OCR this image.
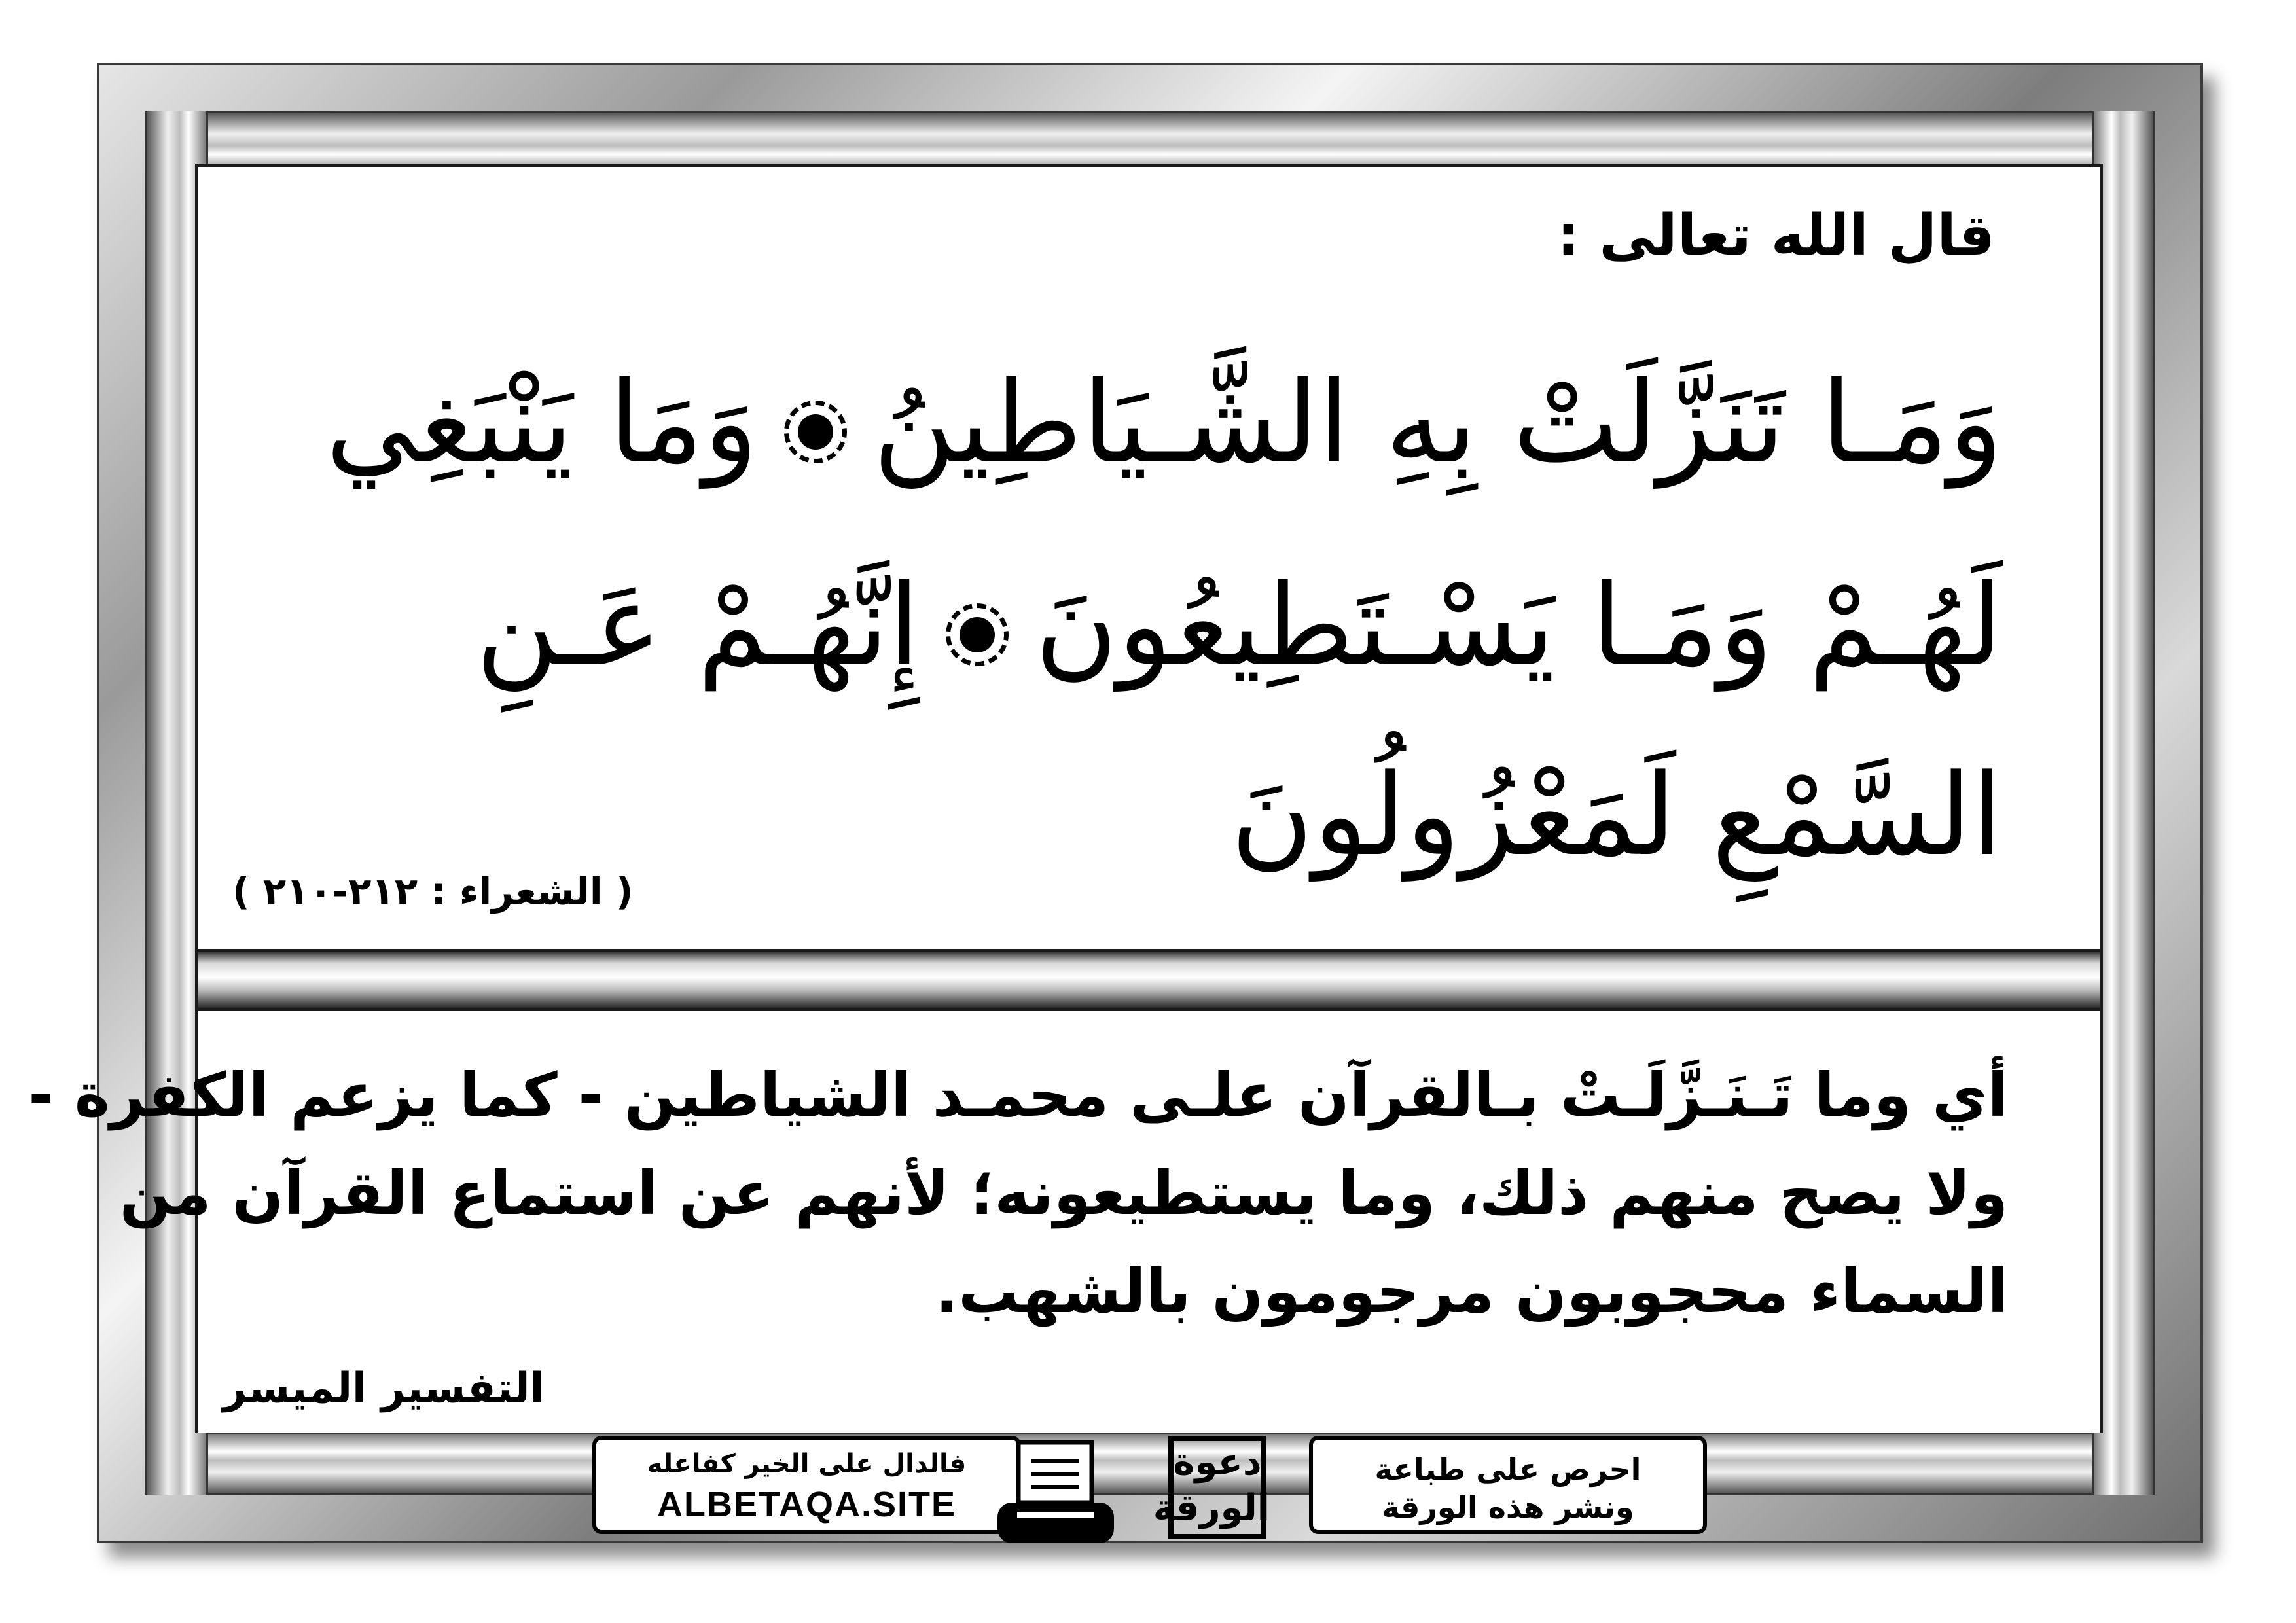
قال الله تعالى :
وَمَـا تَنَزَّلَتْ بِهِ الشَّـيَاطِينُوَمَا يَنْبَغِي
لَهُـمْ وَمَـا يَسْـتَطِيعُونَإِنَّهُـمْ عَـنِ
السَّمْعِ لَمَعْزُولُونَ
( الشعراء : ٢١٢-٢١٠ )
أي وما تَـنَـزَّلَـتْ بـالقرآن علـى محمـد الشياطين - كما يزعم الكفرة -
ولا يصح منهم ذلك، وما يستطيعونه؛ لأنهم عن استماع القرآن من
السماء محجوبون مرجومون بالشهب.
التفسير الميسر
فالدال على الخير كفاعله
ALBETAQA.SITE
دعوة الورقة
احرص على طباعة
ونشر هذه الورقة
